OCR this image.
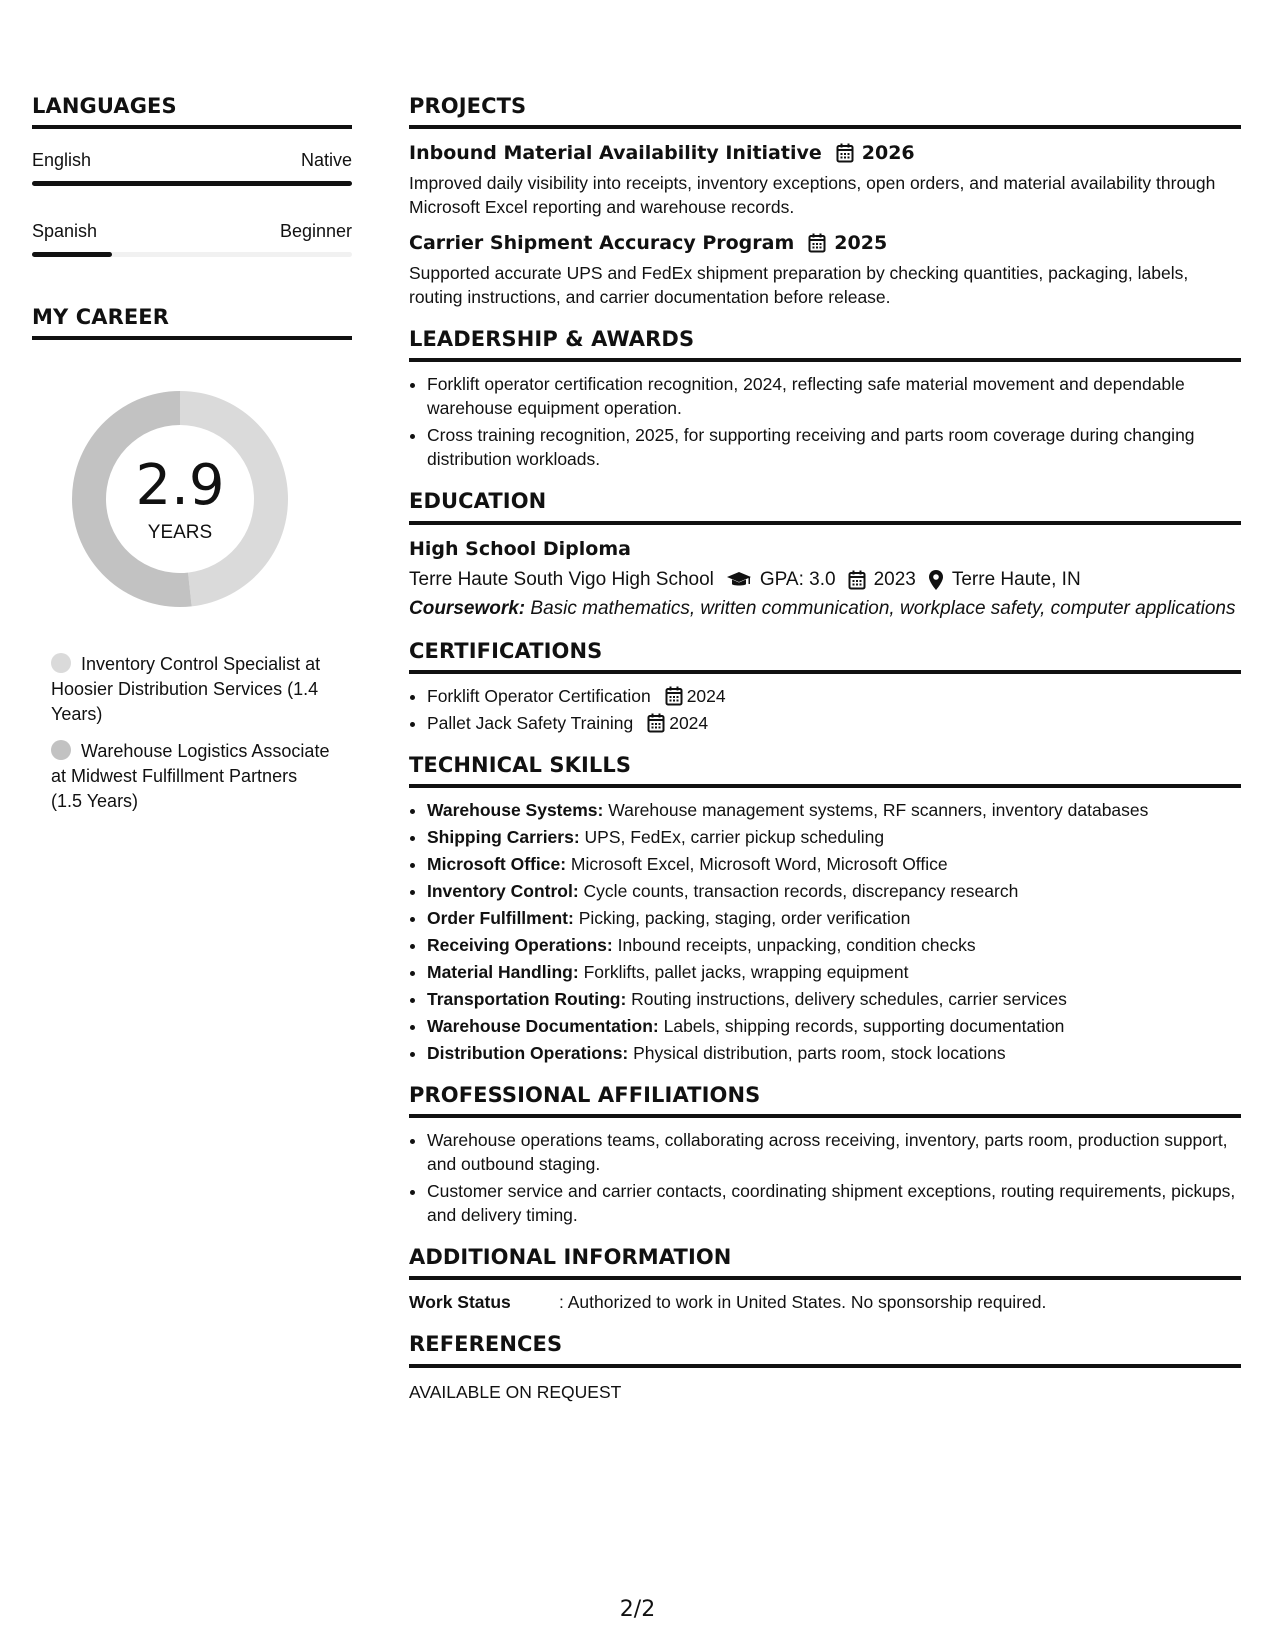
LANGUAGES
English	Native
Spanish	Beginner
MY CAREER
2.9
YEARS
Inventory Control Specialist at Hoosier Distribution Services (1.4 Years)
Warehouse Logistics Associate at Midwest Fulfillment Partners (1.5 Years)
PROJECTS
Inbound Material Availability Initiative 2026
Improved daily visibility into receipts, inventory exceptions, open orders, and material availability through Microsoft Excel reporting and warehouse records.
Carrier Shipment Accuracy Program 2025
Supported accurate UPS and FedEx shipment preparation by checking quantities, packaging, labels, routing instructions, and carrier documentation before release.
LEADERSHIP & AWARDS
• Forklift operator certification recognition, 2024, reflecting safe material movement and dependable warehouse equipment operation.
• Cross training recognition, 2025, for supporting receiving and parts room coverage during changing distribution workloads.
EDUCATION
High School Diploma
Terre Haute South Vigo High School GPA: 3.0 2023 Terre Haute, IN
Coursework: Basic mathematics, written communication, workplace safety, computer applications
CERTIFICATIONS
• Forklift Operator Certification 2024
• Pallet Jack Safety Training 2024
TECHNICAL SKILLS
• Warehouse Systems: Warehouse management systems, RF scanners, inventory databases
• Shipping Carriers: UPS, FedEx, carrier pickup scheduling
• Microsoft Office: Microsoft Excel, Microsoft Word, Microsoft Office
• Inventory Control: Cycle counts, transaction records, discrepancy research
• Order Fulfillment: Picking, packing, staging, order verification
• Receiving Operations: Inbound receipts, unpacking, condition checks
• Material Handling: Forklifts, pallet jacks, wrapping equipment
• Transportation Routing: Routing instructions, delivery schedules, carrier services
• Warehouse Documentation: Labels, shipping records, supporting documentation
• Distribution Operations: Physical distribution, parts room, stock locations
PROFESSIONAL AFFILIATIONS
• Warehouse operations teams, collaborating across receiving, inventory, parts room, production support, and outbound staging.
• Customer service and carrier contacts, coordinating shipment exceptions, routing requirements, pickups, and delivery timing.
ADDITIONAL INFORMATION
Work Status	: Authorized to work in United States. No sponsorship required.
REFERENCES
AVAILABLE ON REQUEST
2/2
